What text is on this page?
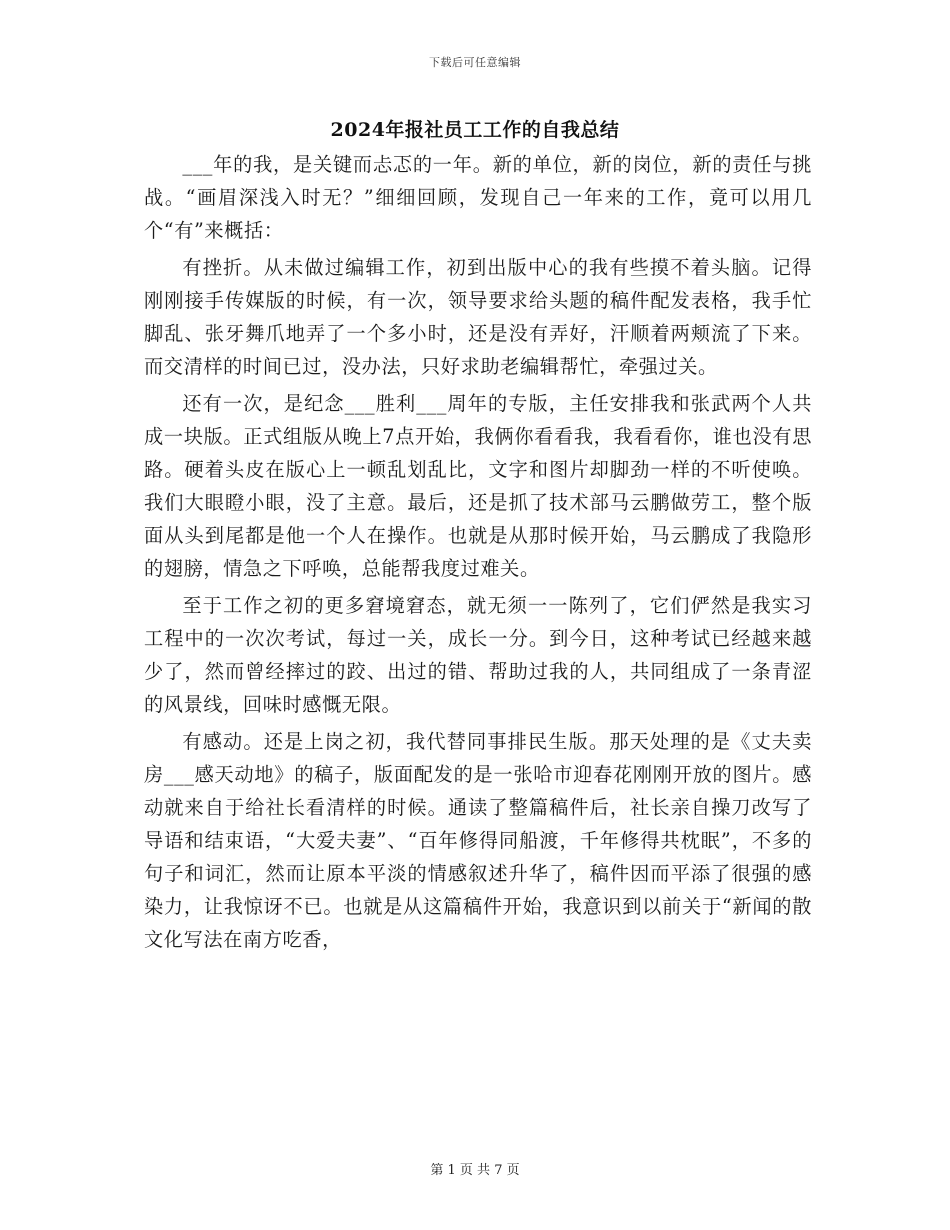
下载后可任意编辑
2024年报社员工工作的自我总结

___年的我，是关键而忐忑的一年。新的单位，新的岗位，新的责任与挑战。“画眉深浅入时无？”细细回顾，发现自己一年来的工作，竟可以用几个“有”来概括：

有挫折。从未做过编辑工作，初到出版中心的我有些摸不着头脑。记得刚刚接手传媒版的时候，有一次，领导要求给头题的稿件配发表格，我手忙脚乱、张牙舞爪地弄了一个多小时，还是没有弄好，汗顺着两颊流了下来。而交清样的时间已过，没办法，只好求助老编辑帮忙，牵强过关。

还有一次，是纪念___胜利___周年的专版，主任安排我和张武两个人共成一块版。正式组版从晚上7点开始，我俩你看看我，我看看你，谁也没有思路。硬着头皮在版心上一顿乱划乱比，文字和图片却脚劲一样的不听使唤。我们大眼瞪小眼，没了主意。最后，还是抓了技术部马云鹏做劳工，整个版面从头到尾都是他一个人在操作。也就是从那时候开始，马云鹏成了我隐形的翅膀，情急之下呼唤，总能帮我度过难关。

至于工作之初的更多窘境窘态，就无须一一陈列了，它们俨然是我实习工程中的一次次考试，每过一关，成长一分。到今日，这种考试已经越来越少了，然而曾经摔过的跤、出过的错、帮助过我的人，共同组成了一条青涩的风景线，回味时感慨无限。

有感动。还是上岗之初，我代替同事排民生版。那天处理的是《丈夫卖房___感天动地》的稿子，版面配发的是一张哈市迎春花刚刚开放的图片。感动就来自于给社长看清样的时候。通读了整篇稿件后，社长亲自操刀改写了导语和结束语，“大爱夫妻”、“百年修得同船渡，千年修得共枕眠”，不多的句子和词汇，然而让原本平淡的情感叙述升华了，稿件因而平添了很强的感染力，让我惊讶不已。也就是从这篇稿件开始，我意识到以前关于“新闻的散文化写法在南方吃香，

第 1 页 共 7 页
